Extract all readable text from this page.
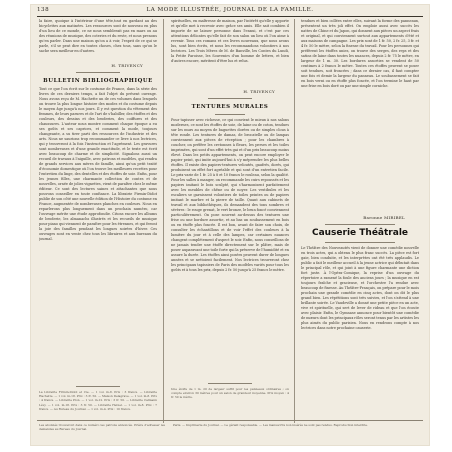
138	LA MODE ILLUSTRÉE, JOURNAL DE LA FAMILLE.

la faire, quoique à l'intérieur d'une tête,tout en gardant au des bicyclettes aux matinées. Les ressources sont de nouveau en plus d'un lieu de ce monde, ce ne nous semblerait pas en mars ou au des réunions de musique, des coteries et du reste, et nous prenons qu'en parler. Dans une maison qu'on a à voir, l'esprit de ce qui se parle, s'il se peut dire en toutes choses, chez tous, sans qu'on le sache sera meilleur en d'autres.

H. TRIVENCY
BULLETIN BIBLIOGRAPHIQUE

Tout ce que l'on écrit sur le costume de France, dans la série des livres de ces derniers temps, a fait l'objet du présent ouvrage. Nous avons reçu de M. Hachette un de ces volumes dans lesquels on trouve la plus longue histoire des modes et du costume depuis le moyen âge jusqu'à nos jours. Il y est question du vêtement des femmes, de leurs parures et de l'art de s'habiller, des étoffes et des couleurs, des dessins et des broderies, des coiffures et des chaussures. L'auteur nous montre comment chaque époque a eu ses goûts et ses caprices, et comment la mode, toujours changeante, a su tirer parti des ressources de l'industrie et des arts. Nous ne saurions trop recommander ce livre à nos lectrices, qui y trouveront à la fois l'instruction et l'agrément. Les gravures sont nombreuses et d'une grande exactitude, et le texte est écrit avec beaucoup de charme et de simplicité. Signalons aussi un recueil de travaux à l'aiguille, avec patrons et modèles, qui rendra de grands services aux mères de famille, ainsi qu'un petit traité d'économie domestique où l'on trouve les meilleures recettes pour l'entretien du linge, des dentelles et des étoffes de soie. Enfin, pour les jeunes filles, une charmante collection de contes et de nouvelles, ornée de jolies vignettes, vient de paraître chez le même éditeur. Ce sont des lectures saines et attachantes que nous pouvons conseiller en toute confiance. La librairie Firmin-Didot publie de son côté une nouvelle édition de l'Histoire du costume en France, augmentée de nombreuses planches en couleurs. Nous en reparlerons plus longuement dans un prochain numéro, car l'ouvrage mérite une étude approfondie. Citons encore les albums de broderie, les almanachs illustrés et les recueils de musique pour piano qui viennent de paraître pour les étrennes, et qui feront la joie des familles pendant les longues soirées d'hiver. Ces ouvrages sont en vente chez tous les libraires et aux bureaux du journal.

La Librairie Firmin-Didot et Cie. — 1 vol. in-8. Prix : 3 francs. — Librairie Hachette. — 1 vol. in-18. Prix : 3 fr. 50. — Maison Delagrave. — 1 vol. in-8. Prix : 4 francs. — Librairie Plon. — 1 vol. in-12. Prix : 3 fr. 50. — Librairie Calmann Lévy. — 1 vol. in-18. Prix : 3 fr. 50. — Librairie Hetzel. — 1 vol. in-8. Prix : 7 francs. — Au Bureau du Journal. — 1 vol. in-4. Prix : 10 francs.

spirituelles, en maîtresse de maison, par l'intérêt qu'elle y apporte et qu'elle met à recevoir avec grâce ses amis. Elle sait combien il importe de ne laisser personne dans l'ennui, et c'est par ces attentions délicates qu'elle fait de son salon un lieu où l'on aime à revenir. Tous ces romans et ces livres nouveaux, que nous avons lus, sont bien écrits, et nous les recommandons volontiers à nos lectrices. Les Trois Mères de M. de Banville, les Contes du Lundi, la Petite Paroisse, les Souvenirs d'un homme de lettres, et bien d'autres encore, méritent d'être lus et relus.

H. TRIVENCY
TENTURES MURALES

Pour tapisser avec richesse, ce qui convient le mieux à nos salons modernes, ce sont les étoffes de soie, de laine ou de coton, tendues sur les murs au moyen de baguettes dorées ou de simples clous à tête ronde. Les tentures de damas, de brocatelle ou de lampas conviennent aux pièces de réception ; pour les chambres à coucher, on préfère les cretonnes à fleurs, les perses et les toiles imprimées, qui sont d'un effet très gai et d'un prix beaucoup moins élevé. Dans les petits appartements, on peut encore employer le papier peint, qui imite aujourd'hui à s'y méprendre les plus belles étoffes. Il existe des papiers-tentures veloutés, gaufrés, dorés, qui produisent un effet fort agréable et qui sont d'un entretien facile. Le prix varie de 1 fr. 25 à 8 et 10 francs le rouleau, selon la qualité. Pour les salles à manger, on recommande les cuirs repoussés et les papiers imitant le bois sculpté, qui s'harmonisent parfaitement avec les meubles de chêne ou de noyer. Les vestibules et les escaliers se garnissent volontiers de toiles peintes ou de papiers imitant le marbre et la pierre de taille. Quant aux cabinets de travail et aux bibliothèques, ils demandent des tons sombres et sévères : le rouge grenat, le vert bronze, le brun foncé conviennent particulièrement. On pose souvent au-dessus des tentures une frise ou une bordure assortie, et au bas un soubassement en bois ou en étoffe plus foncée. Il est bon, avant de faire son choix, de consulter les échantillons et de voir l'effet des couleurs à la lumière du jour et à celle des lampes, car certaines nuances changent complètement d'aspect le soir. Enfin, nous conseillons de ne jamais tendre une étoffe directement sur le plâtre, mais de poser auparavant une toile forte qui la préserve de l'humidité et en assure la durée. Les étoffes ainsi posées peuvent durer de longues années et se nettoient facilement. Nos lectrices trouveront chez les principaux tapissiers de Paris des modèles variés pour tous les goûts et à tous les prix, depuis 2 fr. 50 jusqu'à 25 francs le mètre.

Une étoffe de 1 m. 20 de largeur suffit pour les panneaux ordinaires ; on compte environ 30 mètres pour un salon de grandeur moyenne. Prix moyen : 4 fr. 50 le mètre.

tendues et bien collées entre elles, suivant la forme des panneaux, présentent un très joli effet. On emploie aussi avec succès les nattes de Chine et du Japon, qui donnent aux pièces un aspect frais et original, et qui conviennent surtout aux appartements d'été et aux maisons de campagne. Les prix sont de 1 fr. 50, 2 fr. 25, 3 fr. et 4 fr. 50 le mètre, selon la finesse du travail. Pour les personnes qui préfèrent les étoffes unies, on trouve des serges, des reps et des satins de laine dans toutes les nuances, depuis 2 fr. 75 le mètre, en largeur de 1 m. 30. Les bordures assorties se vendent de 50 centimes à 2 francs le mètre. Toutes ces étoffes peuvent se poser soit tendues, soit froncées ; dans ce dernier cas, il faut compter une fois et demie la largeur du panneau. Le soubassement se fait en bois verni ou en étoffe plus foncée, et l'on termine le haut par une frise en bois doré ou par une simple corniche.

Baronne MIRIBEL
Causerie Théâtrale

Le Théâtre des Nouveautés vient de donner une comédie nouvelle en trois actes, qui a obtenu le plus franc succès. La pièce est fort gaie, bien conduite, et les interprètes ont été très applaudis. Le public a fait le meilleur accueil à la jeune actrice qui débutait dans le principal rôle, et qui joint à une figure charmante une diction fort juste. À l'Opéra-Comique, la reprise d'un ouvrage du répertoire a ramené la foule des anciens jours ; la musique en est toujours fraîche et gracieuse, et l'orchestre l'a rendue avec beaucoup de finesse. Au Théâtre-Français, on prépare pour le mois prochain une grande comédie en cinq actes, dont on dit le plus grand bien. Les répétitions sont très suivies, et l'on s'attend à une brillante soirée. Le Vaudeville a donné une petite pièce en un acte, vive et spirituelle, qui sert de lever de rideau et que l'on écoute avec plaisir. Enfin, le Gymnase annonce pour bientôt une comédie de mœurs dont les principaux rôles seront tenus par les artistes les plus aimés du public parisien. Nous en rendrons compte à nos lectrices dans notre prochaine causerie.

Les abonnés trouveront dans ce numéro les patrons annoncés. Prière d'adresser les demandes au Bureau du Journal.

Paris. — Imprimerie du Journal. — Le gérant responsable. — Les manuscrits non insérés ne sont pas rendus. Reproduction interdite.
